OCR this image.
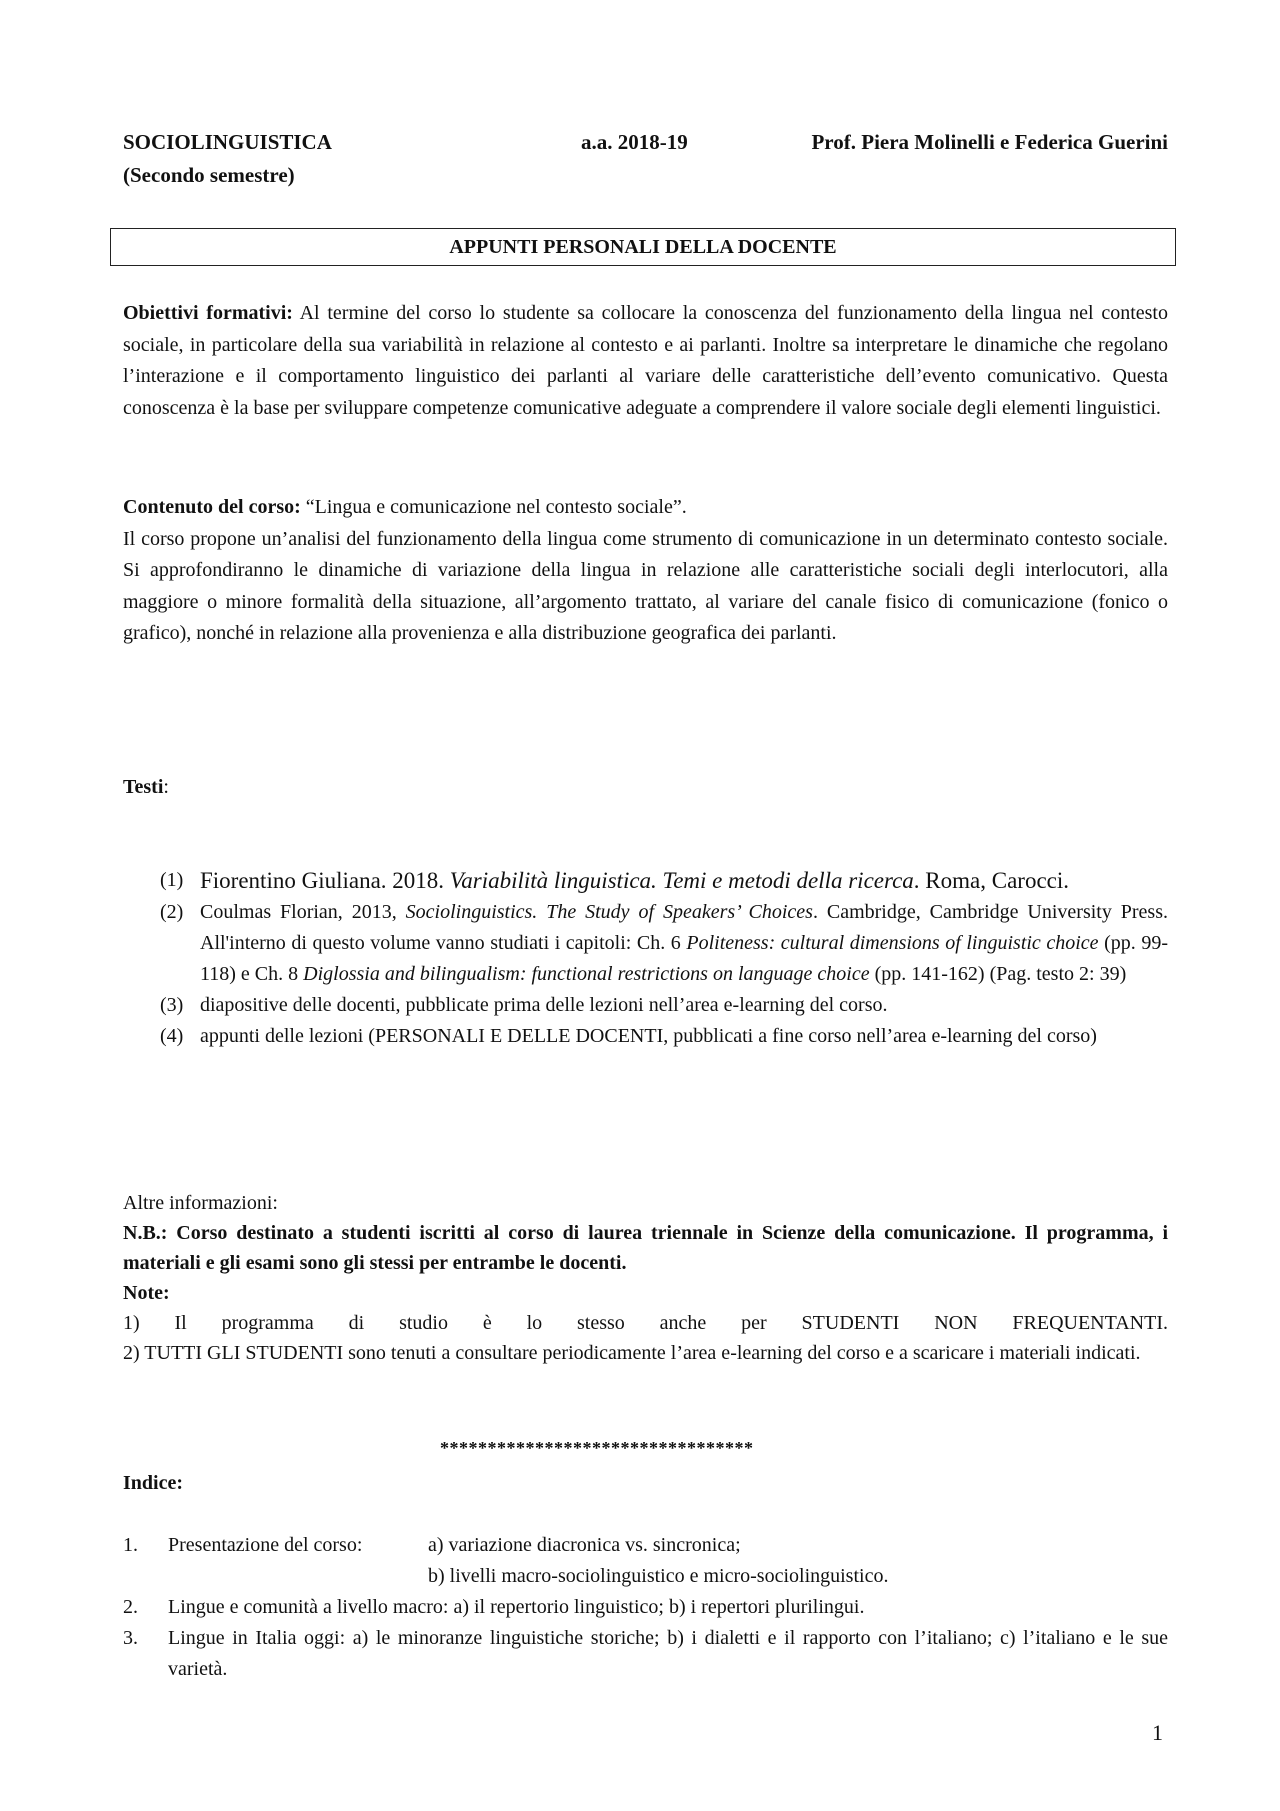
SOCIOLINGUISTICA	a.a. 2018-19	Prof. Piera Molinelli e Federica Guerini
(Secondo semestre)
APPUNTI PERSONALI DELLA DOCENTE
Obiettivi formativi: Al termine del corso lo studente sa collocare la conoscenza del funzionamento della lingua nel contesto sociale, in particolare della sua variabilità in relazione al contesto e ai parlanti. Inoltre sa interpretare le dinamiche che regolano l’interazione e il comportamento linguistico dei parlanti al variare delle caratteristiche dell’evento comunicativo. Questa conoscenza è la base per sviluppare competenze comunicative adeguate a comprendere il valore sociale degli elementi linguistici.
Contenuto del corso: “Lingua e comunicazione nel contesto sociale”.
Il corso propone un’analisi del funzionamento della lingua come strumento di comunicazione in un determinato contesto sociale. Si approfondiranno le dinamiche di variazione della lingua in relazione alle caratteristiche sociali degli interlocutori, alla maggiore o minore formalità della situazione, all’argomento trattato, al variare del canale fisico di comunicazione (fonico o grafico), nonché in relazione alla provenienza e alla distribuzione geografica dei parlanti.
Testi:
(1) Fiorentino Giuliana. 2018. Variabilità linguistica. Temi e metodi della ricerca. Roma, Carocci.
(2) Coulmas Florian, 2013, Sociolinguistics. The Study of Speakers’ Choices. Cambridge, Cambridge University Press. All'interno di questo volume vanno studiati i capitoli: Ch. 6 Politeness: cultural dimensions of linguistic choice (pp. 99-118) e Ch. 8 Diglossia and bilingualism: functional restrictions on language choice (pp. 141-162) (Pag. testo 2: 39)
(3) diapositive delle docenti, pubblicate prima delle lezioni nell’area e-learning del corso.
(4) appunti delle lezioni (PERSONALI E DELLE DOCENTI, pubblicati a fine corso nell’area e-learning del corso)
Altre informazioni:
N.B.: Corso destinato a studenti iscritti al corso di laurea triennale in Scienze della comunicazione. Il programma, i materiali e gli esami sono gli stessi per entrambe le docenti.
Note:
1) Il programma di studio è lo stesso anche per STUDENTI NON FREQUENTANTI.
2) TUTTI GLI STUDENTI sono tenuti a consultare periodicamente l’area e-learning del corso e a scaricare i materiali indicati.
*********************************
Indice:
1. Presentazione del corso:	a) variazione diacronica vs. sincronica;
b) livelli macro-sociolinguistico e micro-sociolinguistico.
2. Lingue e comunità a livello macro: a) il repertorio linguistico; b) i repertori plurilingui.
3. Lingue in Italia oggi: a) le minoranze linguistiche storiche; b) i dialetti e il rapporto con l’italiano; c) l’italiano e le sue varietà.
1
